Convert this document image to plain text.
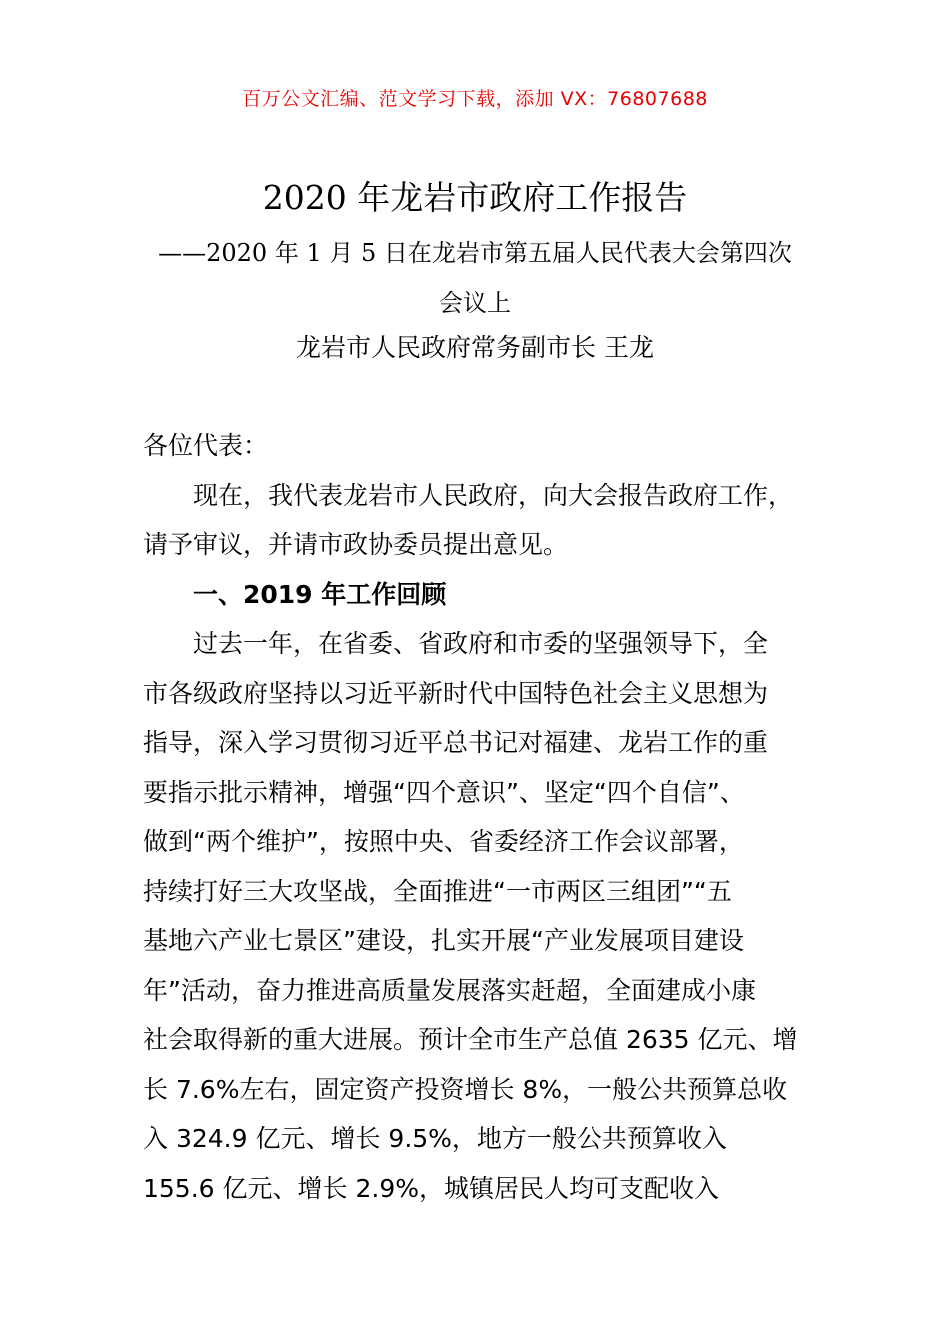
百万公文汇编、范文学习下载，添加 VX：76807688
2020 年龙岩市政府工作报告
——2020 年 1 月 5 日在龙岩市第五届人民代表大会第四次
会议上
龙岩市人民政府常务副市长 王龙

各位代表：

现在，我代表龙岩市人民政府，向大会报告政府工作，
请予审议，并请市政协委员提出意见。

一、2019 年工作回顾

过去一年，在省委、省政府和市委的坚强领导下，全
市各级政府坚持以习近平新时代中国特色社会主义思想为
指导，深入学习贯彻习近平总书记对福建、龙岩工作的重
要指示批示精神，增强“四个意识”、坚定“四个自信”、
做到“两个维护”，按照中央、省委经济工作会议部署，
持续打好三大攻坚战，全面推进“一市两区三组团”“五
基地六产业七景区”建设，扎实开展“产业发展项目建设
年”活动，奋力推进高质量发展落实赶超，全面建成小康
社会取得新的重大进展。预计全市生产总值 2635 亿元、增
长 7.6%左右，固定资产投资增长 8%，一般公共预算总收
入 324.9 亿元、增长 9.5%，地方一般公共预算收入
155.6 亿元、增长 2.9%，城镇居民人均可支配收入
